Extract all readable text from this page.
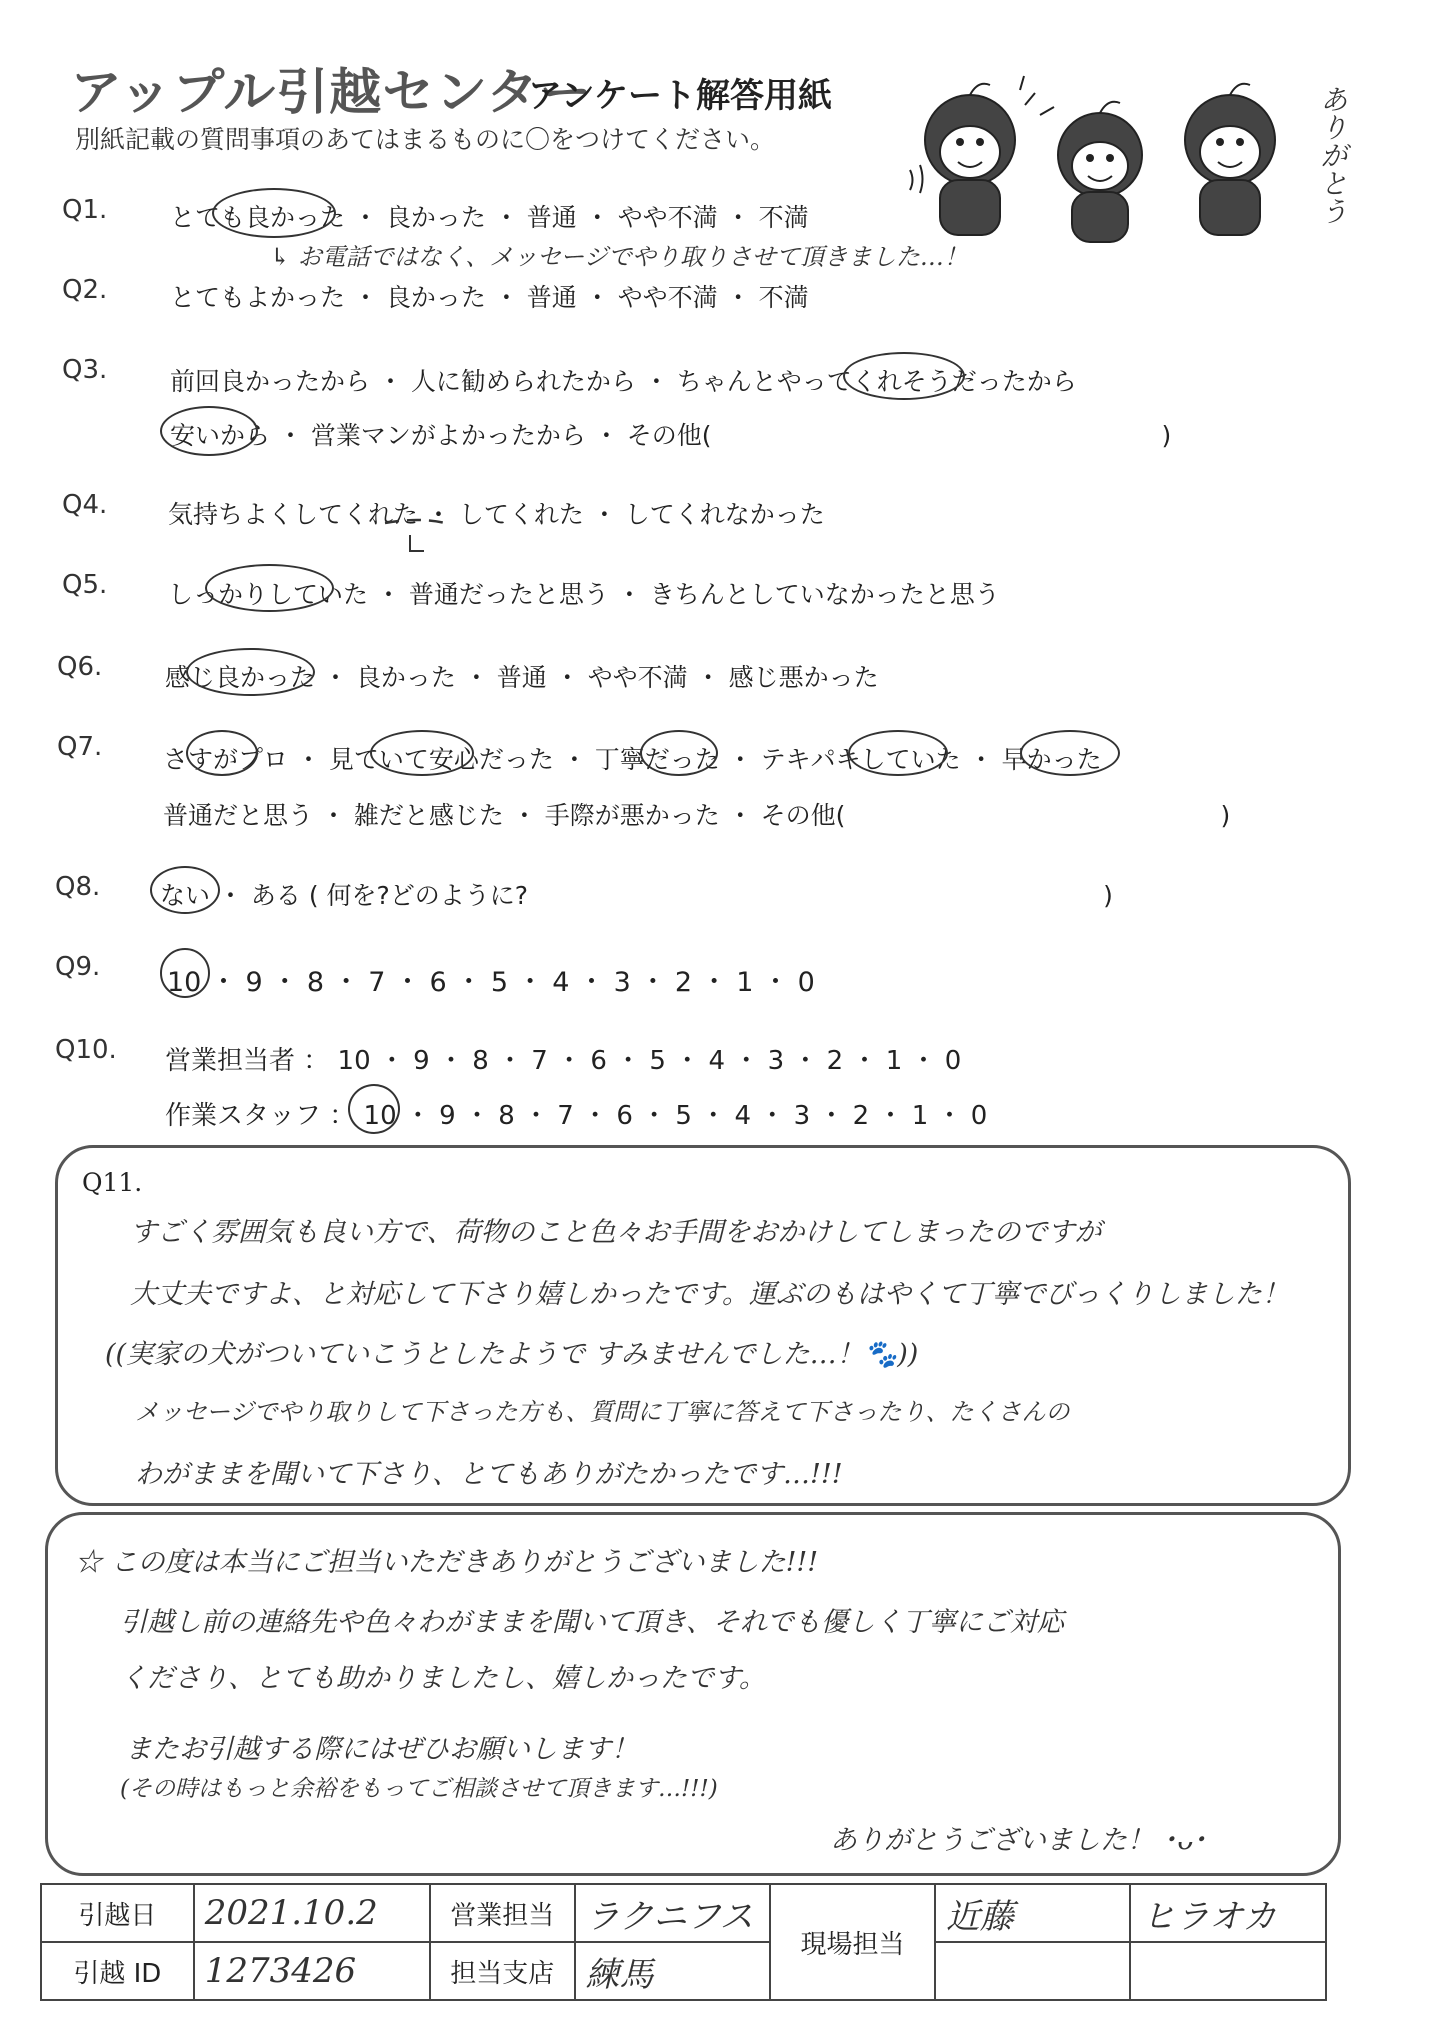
アップル引越センター
アンケート解答用紙
別紙記載の質問事項のあてはまるものに〇をつけてください。	ありがとう
Q1.	とても良かった ・ 良かった ・ 普通 ・ やや不満 ・ 不満
↳ お電話ではなく、メッセージでやり取りさせて頂きました…！
Q2.	とてもよかった ・ 良かった ・ 普通 ・ やや不満 ・ 不満
Q3.	前回良かったから ・ 人に勧められたから ・ ちゃんとやってくれそうだったから
安いから ・ 営業マンがよかったから ・ その他(　　　　　　　　　　　　　　　　　　)
Q4. 気持ちよくしてくれた ・ してくれた ・ してくれなかった
Q5. しっかりしていた ・ 普通だったと思う ・ きちんとしていなかったと思う
Q6.	感じ良かった ・ 良かった ・ 普通 ・ やや不満 ・ 感じ悪かった
Q7. さすがプロ ・ 見ていて安心だった ・ 丁寧だった ・ テキパキしていた ・ 早かった
普通だと思う ・ 雑だと感じた ・ 手際が悪かった ・ その他(　　　　　　　　　　　　　　　)
Q8. ない ・ ある ( 何を?どのように?　　　　　　　　　　　　　　　　　　　　　　　)
Q9. 10 ・ 9 ・ 8 ・ 7 ・ 6 ・ 5 ・ 4 ・ 3 ・ 2 ・ 1 ・ 0
Q10. 営業担当者 ： 10 ・ 9 ・ 8 ・ 7 ・ 6 ・ 5 ・ 4 ・ 3 ・ 2 ・ 1 ・ 0
作業スタッフ ： 10 ・ 9 ・ 8 ・ 7 ・ 6 ・ 5 ・ 4 ・ 3 ・ 2 ・ 1 ・ 0
Q11.
すごく雰囲気も良い方で、荷物のこと色々お手間をおかけしてしまったのですが
大丈夫ですよ、と対応して下さり嬉しかったです。運ぶのもはやくて丁寧でびっくりしました！
((実家の犬がついていこうとしたようで すみませんでした…！🐾))
メッセージでやり取りして下さった方も、質問に丁寧に答えて下さったり、たくさんの
わがままを聞いて下さり、とてもありがたかったです…!!!
☆ この度は本当にご担当いただきありがとうございました!!!
引越し前の連絡先や色々わがままを聞いて頂き、それでも優しく丁寧にご対応
くださり、とても助かりましたし、嬉しかったです。
またお引越する際にはぜひお願いします！
(その時はもっと余裕をもってご相談させて頂きます…!!!)
ありがとうございました！ ･ᴗ･
引越日	2021.10.2	営業担当	ラクニフス	現場担当	近藤	ヒラオカ
引越 ID	1273426	担当支店	練馬			
